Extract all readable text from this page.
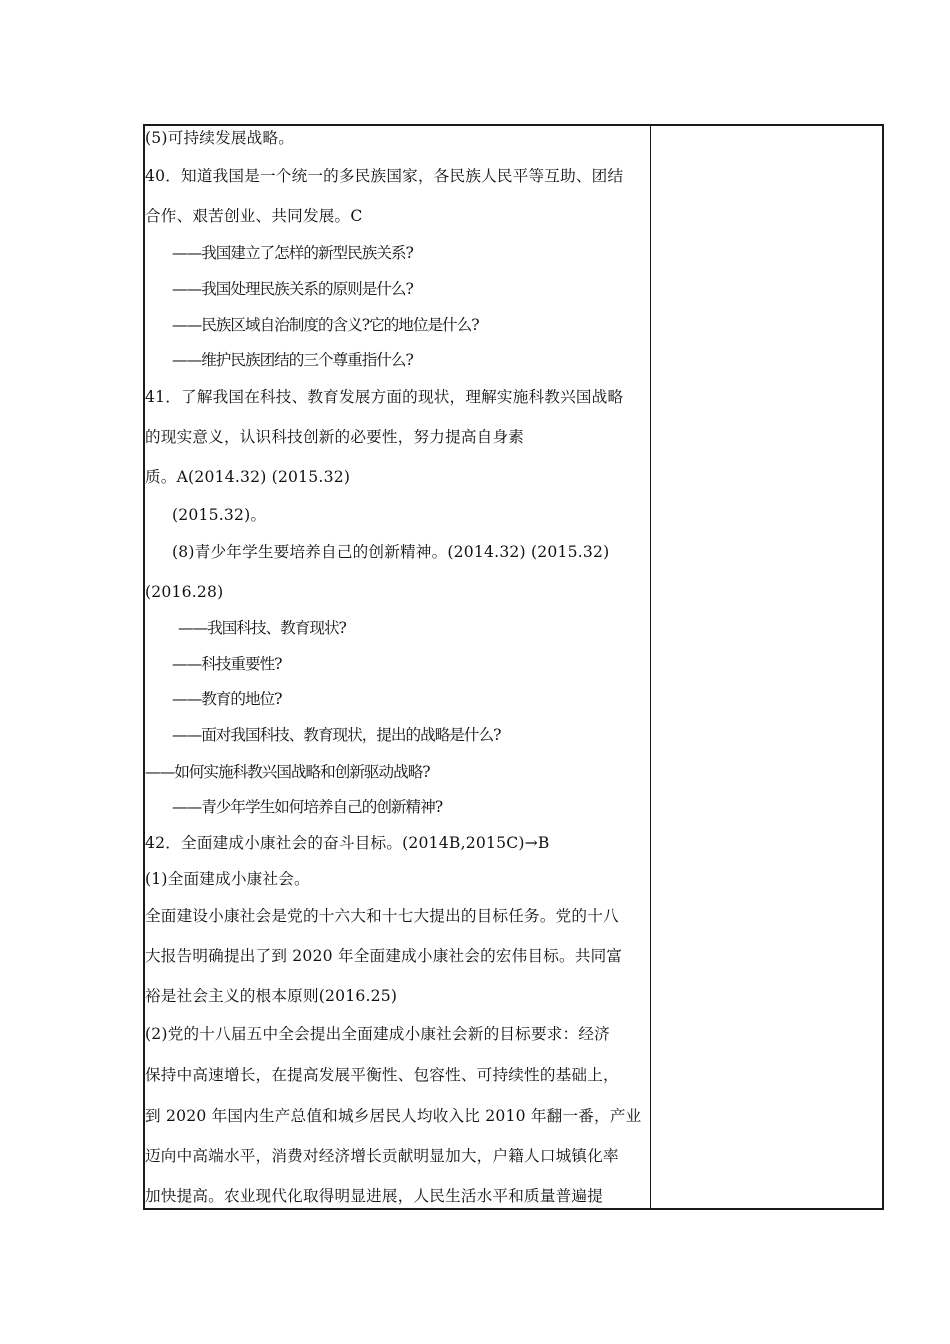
(5)可持续发展战略。
40．知道我国是一个统一的多民族国家，各民族人民平等互助、团结
合作、艰苦创业、共同发展。C
——我国建立了怎样的新型民族关系?
——我国处理民族关系的原则是什么?
——民族区域自治制度的含义?它的地位是什么?
——维护民族团结的三个尊重指什么?
41．了解我国在科技、教育发展方面的现状，理解实施科教兴国战略
的现实意义，认识科技创新的必要性，努力提高自身素
质。A(2014.32) (2015.32)
(2015.32)。
(8)青少年学生要培养自己的创新精神。(2014.32) (2015.32)
(2016.28)
——我国科技、教育现状?
——科技重要性?
——教育的地位?
——面对我国科技、教育现状，提出的战略是什么?
——如何实施科教兴国战略和创新驱动战略?
——青少年学生如何培养自己的创新精神?
42．全面建成小康社会的奋斗目标。(2014B,2015C)→B
(1)全面建成小康社会。
全面建设小康社会是党的十六大和十七大提出的目标任务。党的十八
大报告明确提出了到 2020 年全面建成小康社会的宏伟目标。共同富
裕是社会主义的根本原则(2016.25)
(2)党的十八届五中全会提出全面建成小康社会新的目标要求：经济
保持中高速增长，在提高发展平衡性、包容性、可持续性的基础上，
到 2020 年国内生产总值和城乡居民人均收入比 2010 年翻一番，产业
迈向中高端水平，消费对经济增长贡献明显加大，户籍人口城镇化率
加快提高。农业现代化取得明显进展，人民生活水平和质量普遍提
